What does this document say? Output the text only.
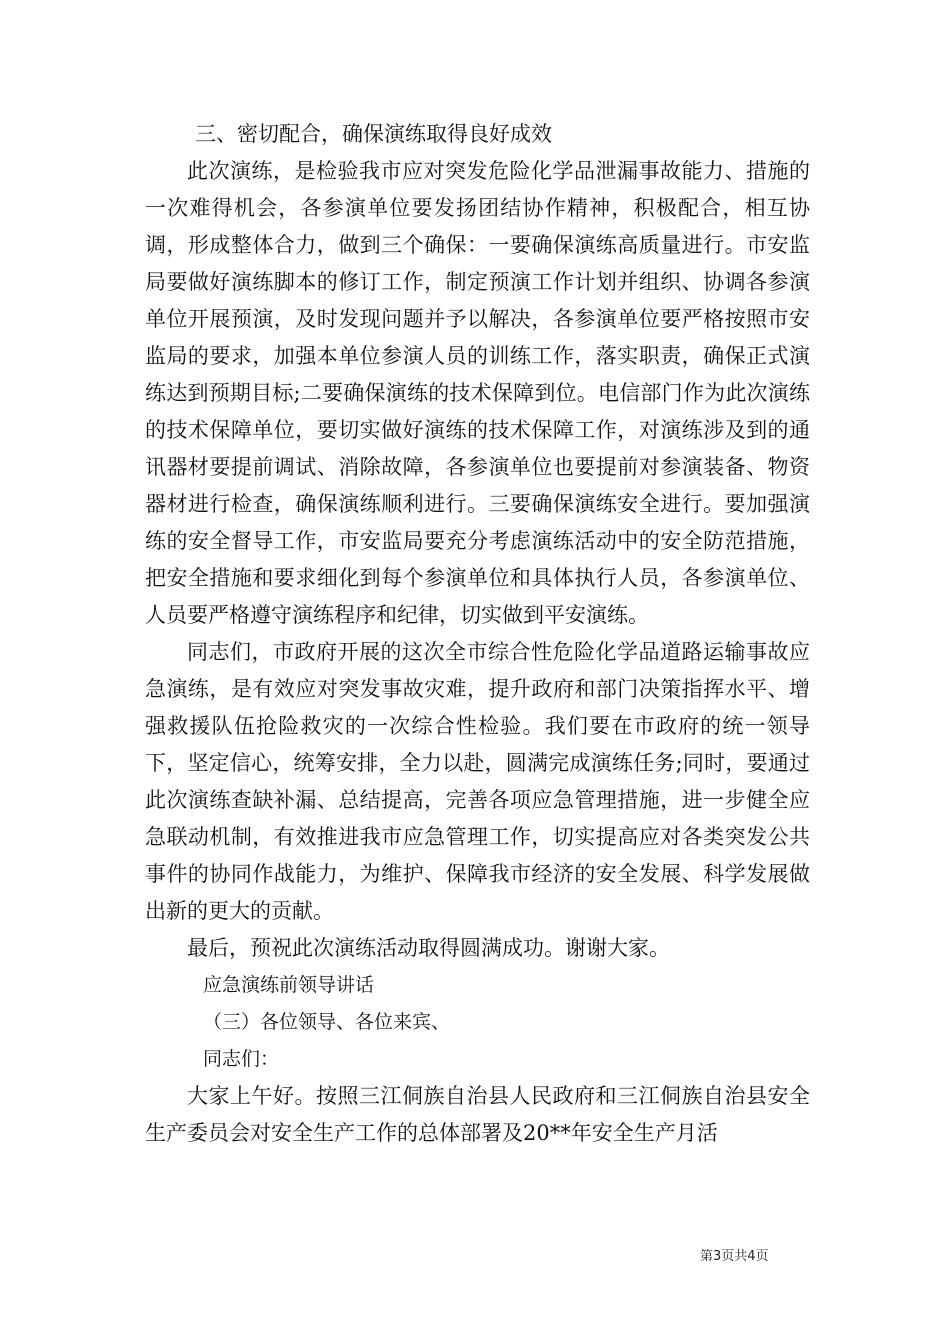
三、密切配合，确保演练取得良好成效

此次演练，是检验我市应对突发危险化学品泄漏事故能力、措施的一次难得机会，各参演单位要发扬团结协作精神，积极配合，相互协调，形成整体合力，做到三个确保：一要确保演练高质量进行。市安监局要做好演练脚本的修订工作，制定预演工作计划并组织、协调各参演单位开展预演，及时发现问题并予以解决，各参演单位要严格按照市安监局的要求，加强本单位参演人员的训练工作，落实职责，确保正式演练达到预期目标;二要确保演练的技术保障到位。电信部门作为此次演练的技术保障单位，要切实做好演练的技术保障工作，对演练涉及到的通讯器材要提前调试、消除故障，各参演单位也要提前对参演装备、物资器材进行检查，确保演练顺利进行。三要确保演练安全进行。要加强演练的安全督导工作，市安监局要充分考虑演练活动中的安全防范措施，把安全措施和要求细化到每个参演单位和具体执行人员，各参演单位、人员要严格遵守演练程序和纪律，切实做到平安演练。

同志们，市政府开展的这次全市综合性危险化学品道路运输事故应急演练，是有效应对突发事故灾难，提升政府和部门决策指挥水平、增强救援队伍抢险救灾的一次综合性检验。我们要在市政府的统一领导下，坚定信心，统筹安排，全力以赴，圆满完成演练任务;同时，要通过此次演练查缺补漏、总结提高，完善各项应急管理措施，进一步健全应急联动机制，有效推进我市应急管理工作，切实提高应对各类突发公共事件的协同作战能力，为维护、保障我市经济的安全发展、科学发展做出新的更大的贡献。

最后，预祝此次演练活动取得圆满成功。谢谢大家。

应急演练前领导讲话

（三）各位领导、各位来宾、

同志们：

大家上午好。按照三江侗族自治县人民政府和三江侗族自治县安全生产委员会对安全生产工作的总体部署及20**年安全生产月活

第3页共4页
